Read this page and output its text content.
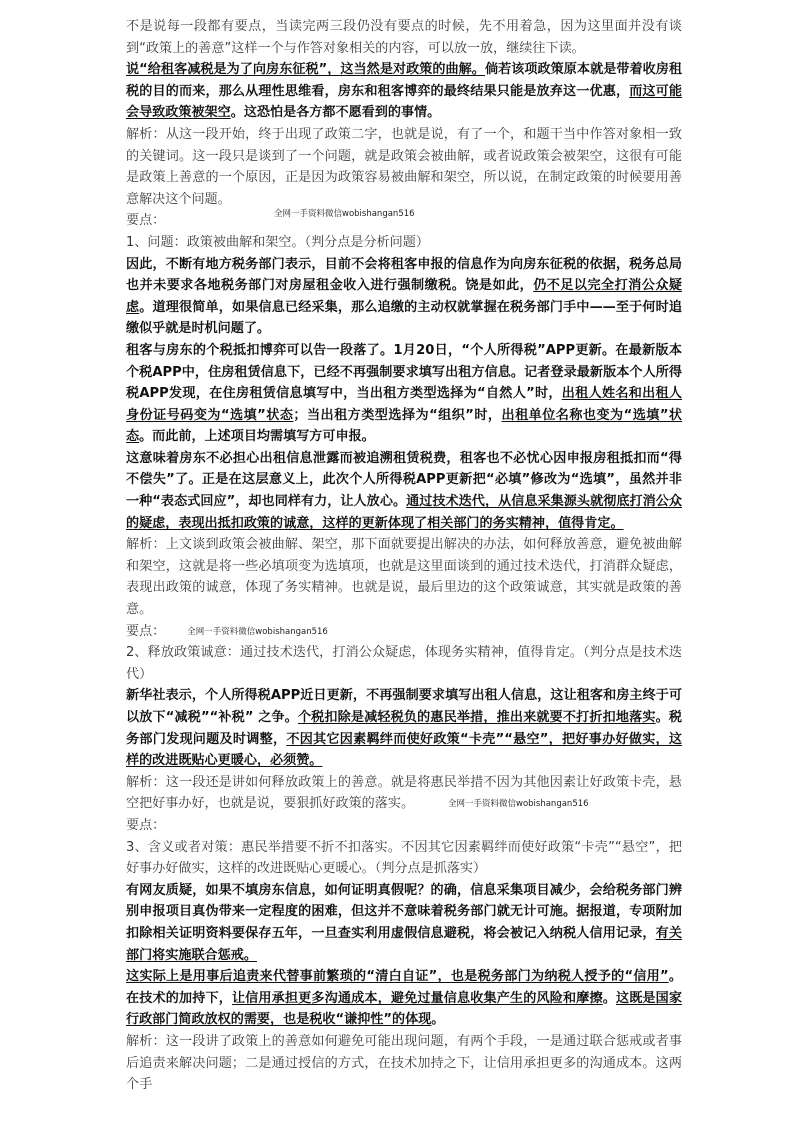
不是说每一段都有要点，当读完两三段仍没有要点的时候，先不用着急，因为这里面并没有谈到“政策上的善意”这样一个与作答对象相关的内容，可以放一放，继续往下读。

说“给租客减税是为了向房东征税”，这当然是对政策的曲解。倘若该项政策原本就是带着收房租税的目的而来，那么从理性思维看，房东和租客博弈的最终结果只能是放弃这一优惠，而这可能会导致政策被架空。这恐怕是各方都不愿看到的事情。

解析：从这一段开始，终于出现了政策二字，也就是说，有了一个，和题干当中作答对象相一致的关键词。这一段只是谈到了一个问题，就是政策会被曲解，或者说政策会被架空，这很有可能是政策上善意的一个原因，正是因为政策容易被曲解和架空，所以说，在制定政策的时候要用善意解决这个问题。

全网一手资料微信wobishangan516

要点：

1、问题：政策被曲解和架空。（判分点是分析问题）

因此，不断有地方税务部门表示，目前不会将租客申报的信息作为向房东征税的依据，税务总局也并未要求各地税务部门对房屋租金收入进行强制缴税。饶是如此，仍不足以完全打消公众疑虑。道理很简单，如果信息已经采集，那么追缴的主动权就掌握在税务部门手中——至于何时追缴似乎就是时机问题了。

租客与房东的个税抵扣博弈可以告一段落了。1月20日，“个人所得税”APP更新。在最新版本个税APP中，住房租赁信息下，已经不再强制要求填写出租方信息。记者登录最新版本个人所得税APP发现，在住房租赁信息填写中，当出租方类型选择为“自然人”时，出租人姓名和出租人身份证号码变为“选填”状态；当出租方类型选择为“组织”时，出租单位名称也变为“选填”状态。而此前，上述项目均需填写方可申报。

这意味着房东不必担心出租信息泄露而被追溯租赁税费，租客也不必忧心因申报房租抵扣而“得不偿失”了。正是在这层意义上，此次个人所得税APP更新把“必填”修改为“选填”，虽然并非一种“表态式回应”，却也同样有力，让人放心。通过技术迭代，从信息采集源头就彻底打消公众的疑虑，表现出抵扣政策的诚意，这样的更新体现了相关部门的务实精神，值得肯定。

解析：上文谈到政策会被曲解、架空，那下面就要提出解决的办法，如何释放善意，避免被曲解和架空，这就是将一些必填项变为选填项，也就是这里面谈到的通过技术迭代，打消群众疑虑，表现出政策的诚意，体现了务实精神。也就是说，最后里边的这个政策诚意，其实就是政策的善意。

要点：	全网一手资料微信wobishangan516

2、释放政策诚意：通过技术迭代，打消公众疑虑，体现务实精神，值得肯定。（判分点是技术迭代）

新华社表示，个人所得税APP近日更新，不再强制要求填写出租人信息，这让租客和房主终于可以放下“减税”“补税” 之争。个税扣除是减轻税负的惠民举措，推出来就要不打折扣地落实。税务部门发现问题及时调整，不因其它因素羁绊而使好政策“卡壳”“悬空”，把好事办好做实，这样的改进既贴心更暖心，必须赞。

解析：这一段还是讲如何释放政策上的善意。就是将惠民举措不因为其他因素让好政策卡壳，悬空把好事办好，也就是说，要狠抓好政策的落实。	全网一手资料微信wobishangan516

要点：

3、含义或者对策：惠民举措要不折不扣落实。不因其它因素羁绊而使好政策“卡壳”“悬空”，把好事办好做实，这样的改进既贴心更暖心。（判分点是抓落实）

有网友质疑，如果不填房东信息，如何证明真假呢？的确，信息采集项目减少，会给税务部门辨别申报项目真伪带来一定程度的困难，但这并不意味着税务部门就无计可施。据报道，专项附加扣除相关证明资料要保存五年，一旦查实利用虚假信息避税，将会被记入纳税人信用记录，有关部门将实施联合惩戒。

这实际上是用事后追责来代替事前繁琐的“清白自证”，也是税务部门为纳税人授予的“信用”。在技术的加持下，让信用承担更多沟通成本，避免过量信息收集产生的风险和摩擦。这既是国家行政部门简政放权的需要，也是税收“谦抑性”的体现。

解析：这一段讲了政策上的善意如何避免可能出现问题，有两个手段，一是通过联合惩戒或者事后追责来解决问题；二是通过授信的方式，在技术加持之下，让信用承担更多的沟通成本。这两个手
